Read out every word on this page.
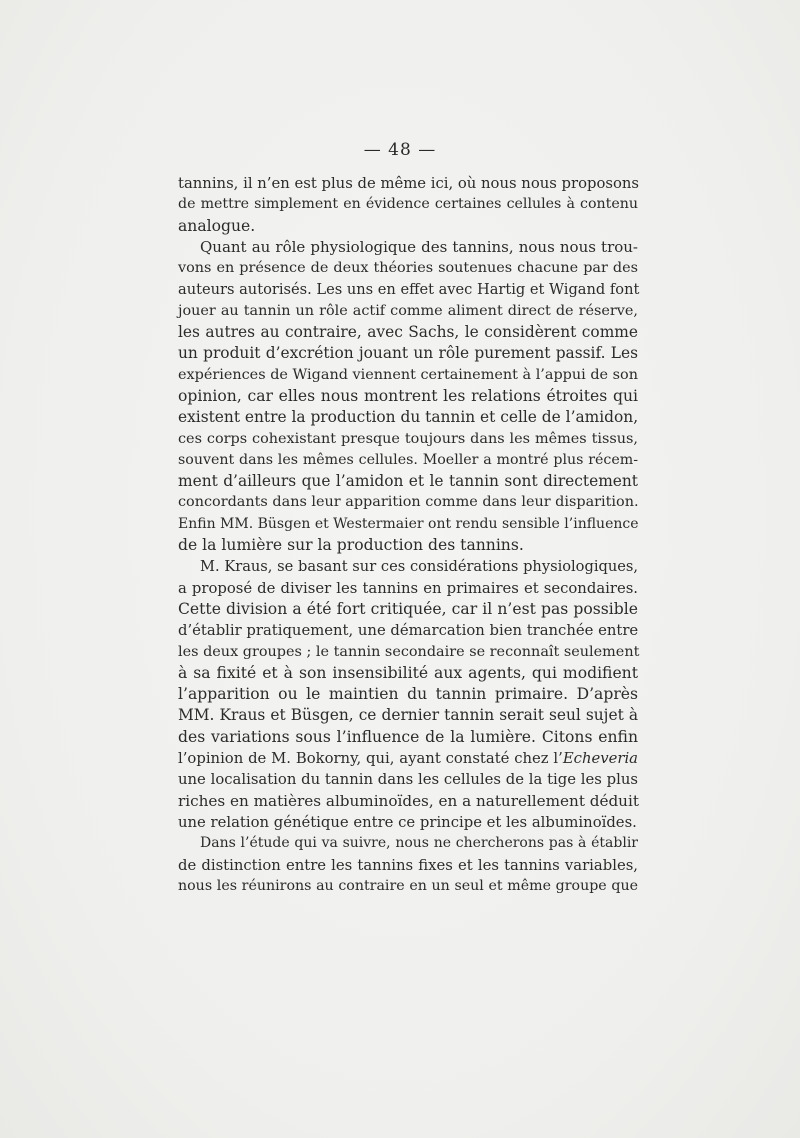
— 48 —
tannins, il n’en est plus de même ici, où nous nous proposons
de mettre simplement en évidence certaines cellules à contenu
analogue.
Quant au rôle physiologique des tannins, nous nous trou-
vons en présence de deux théories soutenues chacune par des
auteurs autorisés. Les uns en effet avec Hartig et Wigand font
jouer au tannin un rôle actif comme aliment direct de réserve,
les autres au contraire, avec Sachs, le considèrent comme
un produit d’excrétion jouant un rôle purement passif. Les
expériences de Wigand viennent certainement à l’appui de son
opinion, car elles nous montrent les relations étroites qui
existent entre la production du tannin et celle de l’amidon,
ces corps cohexistant presque toujours dans les mêmes tissus,
souvent dans les mêmes cellules. Moeller a montré plus récem-
ment d’ailleurs que l’amidon et le tannin sont directement
concordants dans leur apparition comme dans leur disparition.
Enfin MM. Büsgen et Westermaier ont rendu sensible l’influence
de la lumière sur la production des tannins.
M. Kraus, se basant sur ces considérations physiologiques,
a proposé de diviser les tannins en primaires et secondaires.
Cette division a été fort critiquée, car il n’est pas possible
d’établir pratiquement, une démarcation bien tranchée entre
les deux groupes ; le tannin secondaire se reconnaît seulement
à sa fixité et à son insensibilité aux agents, qui modifient
l’apparition ou le maintien du tannin primaire. D’après
MM. Kraus et Büsgen, ce dernier tannin serait seul sujet à
des variations sous l’influence de la lumière. Citons enfin
l’opinion de M. Bokorny, qui, ayant constaté chez l’Echeveria
une localisation du tannin dans les cellules de la tige les plus
riches en matières albuminoïdes, en a naturellement déduit
une relation génétique entre ce principe et les albuminoïdes.
Dans l’étude qui va suivre, nous ne chercherons pas à établir
de distinction entre les tannins fixes et les tannins variables,
nous les réunirons au contraire en un seul et même groupe que
